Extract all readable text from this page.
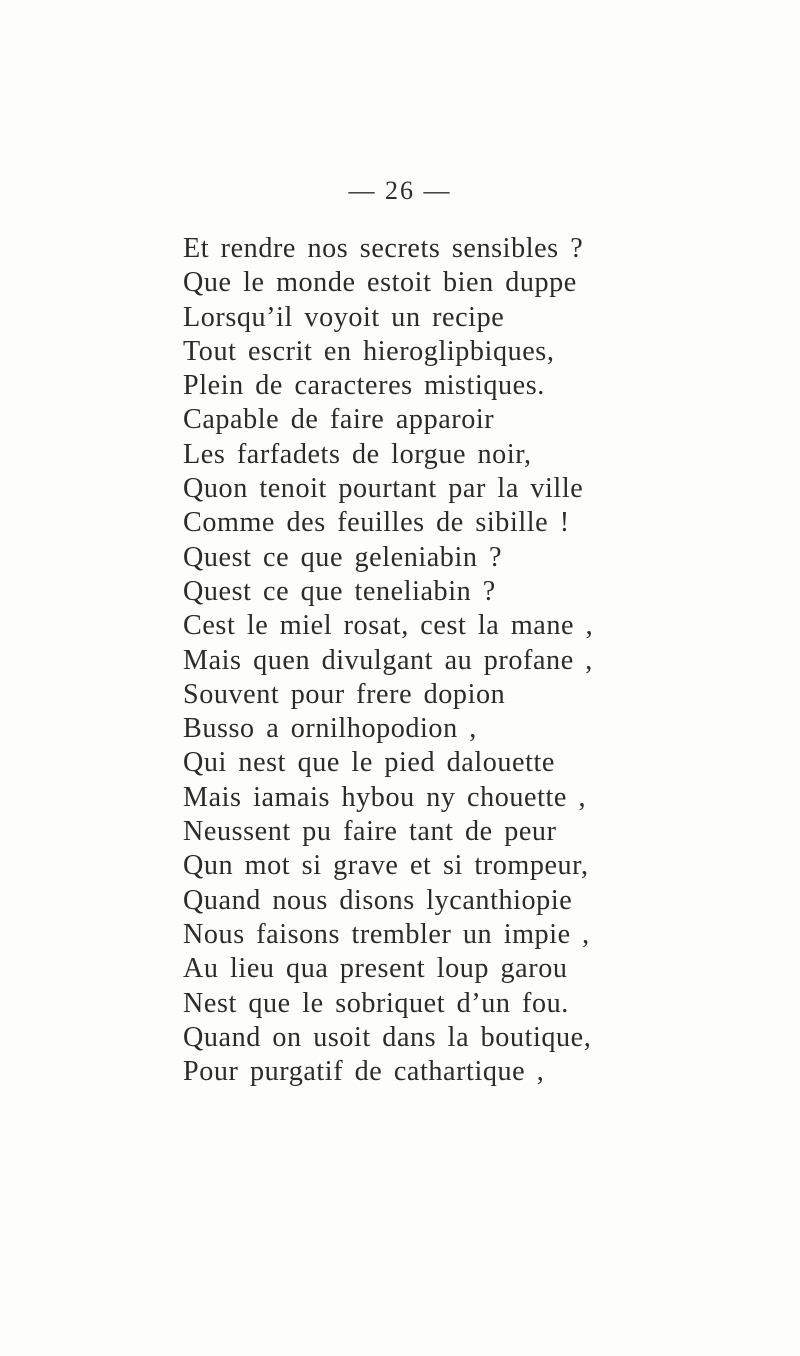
— 26 —
Et rendre nos secrets sensibles ?
Que le monde estoit bien duppe
Lorsqu’il voyoit un recipe
Tout escrit en hieroglipbiques,
Plein de caracteres mistiques.
Capable de faire apparoir
Les farfadets de lorgue noir,
Quon tenoit pourtant par la ville
Comme des feuilles de sibille !
Quest ce que geleniabin ?
Quest ce que teneliabin ?
Cest le miel rosat, cest la mane ,
Mais quen divulgant au profane ,
Souvent pour frere dopion
Busso a ornilhopodion ,
Qui nest que le pied dalouette
Mais iamais hybou ny chouette ,
Neussent pu faire tant de peur
Qun mot si grave et si trompeur,
Quand nous disons lycanthiopie
Nous faisons trembler un impie ,
Au lieu qua present loup garou
Nest que le sobriquet d’un fou.
Quand on usoit dans la boutique,
Pour purgatif de cathartique ,
